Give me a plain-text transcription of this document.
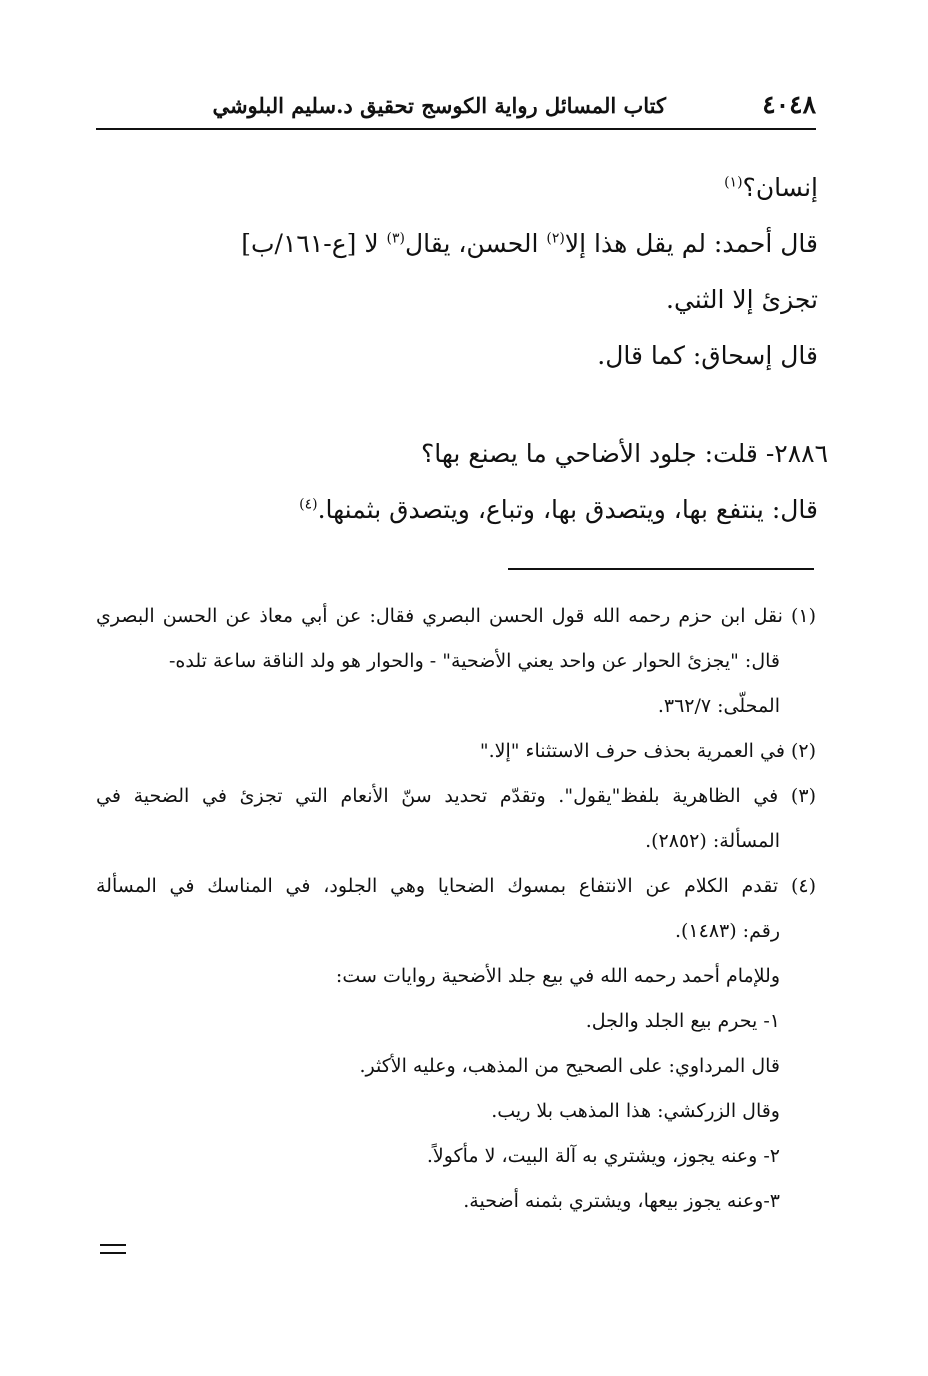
٤٠٤٨
كتاب المسائل رواية الكوسج تحقيق د.سليم البلوشي

إنسان؟$^{(١)}$

قال أحمد: لم يقل هذا إلا$^{(٢)}$ الحسن، يقال$^{(٣)}$ لا [ع-١٦١/ب]

تجزئ إلا الثني.

قال إسحاق: كما قال.

٢٨٨٦- قلت: جلود الأضاحي ما يصنع بها؟

قال: ينتفع بها، ويتصدق بها، وتباع، ويتصدق بثمنها.$^{(٤)}$

(١) نقل ابن حزم رحمه الله قول الحسن البصري فقال: عن أبي معاذ عن الحسن البصري

قال: "يجزئ الحوار عن واحد يعني الأضحية" - والحوار هو ولد الناقة ساعة تلده-

المحلّى: ٣٦٢/٧.

(٢) في العمرية بحذف حرف الاستثناء "إلا."

(٣) في الظاهرية بلفظ"يقول". وتقدّم تحديد سنّ الأنعام التي تجزئ في الضحية في

المسألة: (٢٨٥٢).

(٤) تقدم الكلام عن الانتفاع بمسوك الضحايا وهي الجلود، في المناسك في المسألة

رقم: (١٤٨٣).

وللإمام أحمد رحمه الله في بيع جلد الأضحية روايات ست:

١- يحرم بيع الجلد والجل.

قال المرداوي: على الصحيح من المذهب، وعليه الأكثر.

وقال الزركشي: هذا المذهب بلا ريب.

٢- وعنه يجوز، ويشتري به آلة البيت، لا مأكولاً.

٣-وعنه يجوز بيعها، ويشتري بثمنه أضحية.
